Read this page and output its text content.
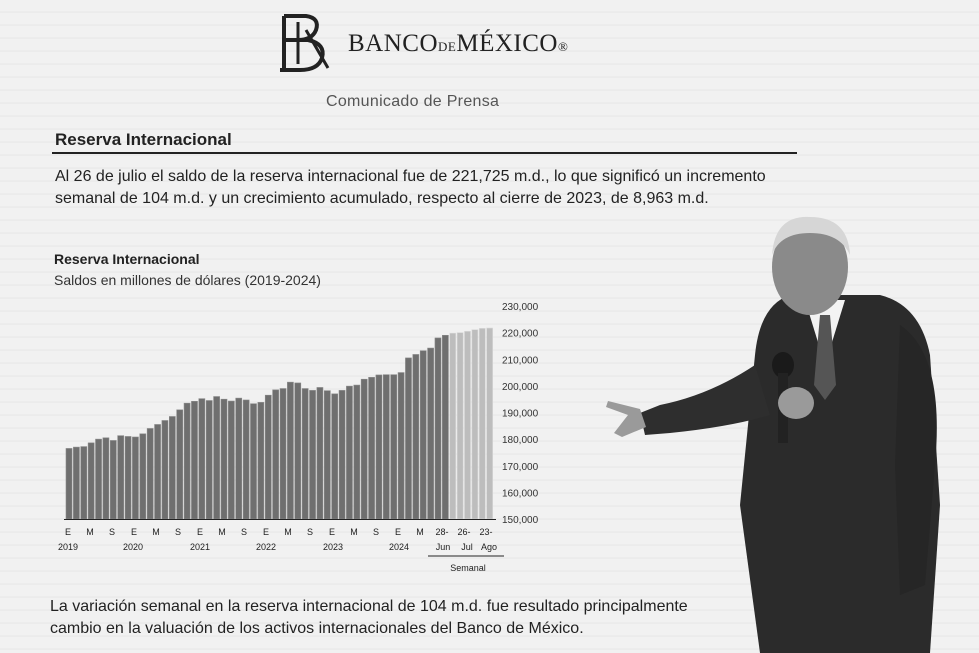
BANCODEMÉXICO®
Comunicado de Prensa
Reserva Internacional
Al 26 de julio el saldo de la reserva internacional fue de 221,725 m.d., lo que significó un incremento
semanal de 104 m.d. y un crecimiento acumulado, respecto al cierre de 2023, de 8,963 m.d.
Reserva Internacional
Saldos en millones de dólares (2019-2024)
230,000
220,000
210,000
200,000
190,000
180,000
170,000
160,000
150,000
E M S E M S E M S E M S E M S E M 28- 26- 23-
2019	2020	2021	2022	2023	2024	Jun Jul Ago
Semanal
La variación semanal en la reserva internacional de 104 m.d. fue resultado principalmente
cambio en la valuación de los activos internacionales del Banco de México.
